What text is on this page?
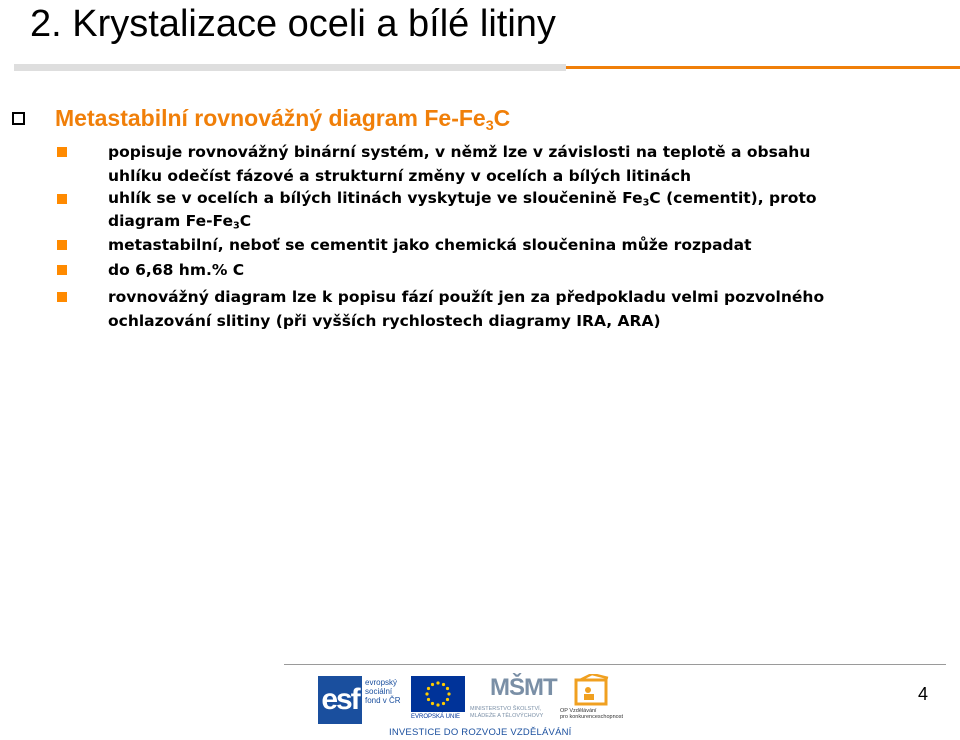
2. Krystalizace oceli a bílé litiny
Metastabilní rovnovážný diagram $Fe-Fe_3C$

popisuje rovnovážný binární systém, v němž lze v závislosti na teplotě a obsahu

uhlíku odečíst fázové a strukturní změny v ocelích a bílých litinách

uhlík se v ocelích a bílých litinách vyskytuje ve sloučenině $Fe_3C$ (cementit), proto

diagram $Fe-Fe_3C$

metastabilní, neboť se cementit jako chemická sloučenina může rozpadat

do 6,68 hm.% C

rovnovážný diagram lze k popisu fází použít jen za předpokladu velmi pozvolného

ochlazování slitiny (při vyšších rychlostech diagramy IRA, ARA)

4
esf
evropský
sociální
fond v ČR
EVROPSKÁ UNIE
MŠMT
MINISTERSTVO ŠKOLSTVÍ,
MLÁDEŽE A TĚLOVÝCHOVY
OP Vzdělávání
pro konkurenceschopnost
INVESTICE DO ROZVOJE VZDĚLÁVÁNÍ
